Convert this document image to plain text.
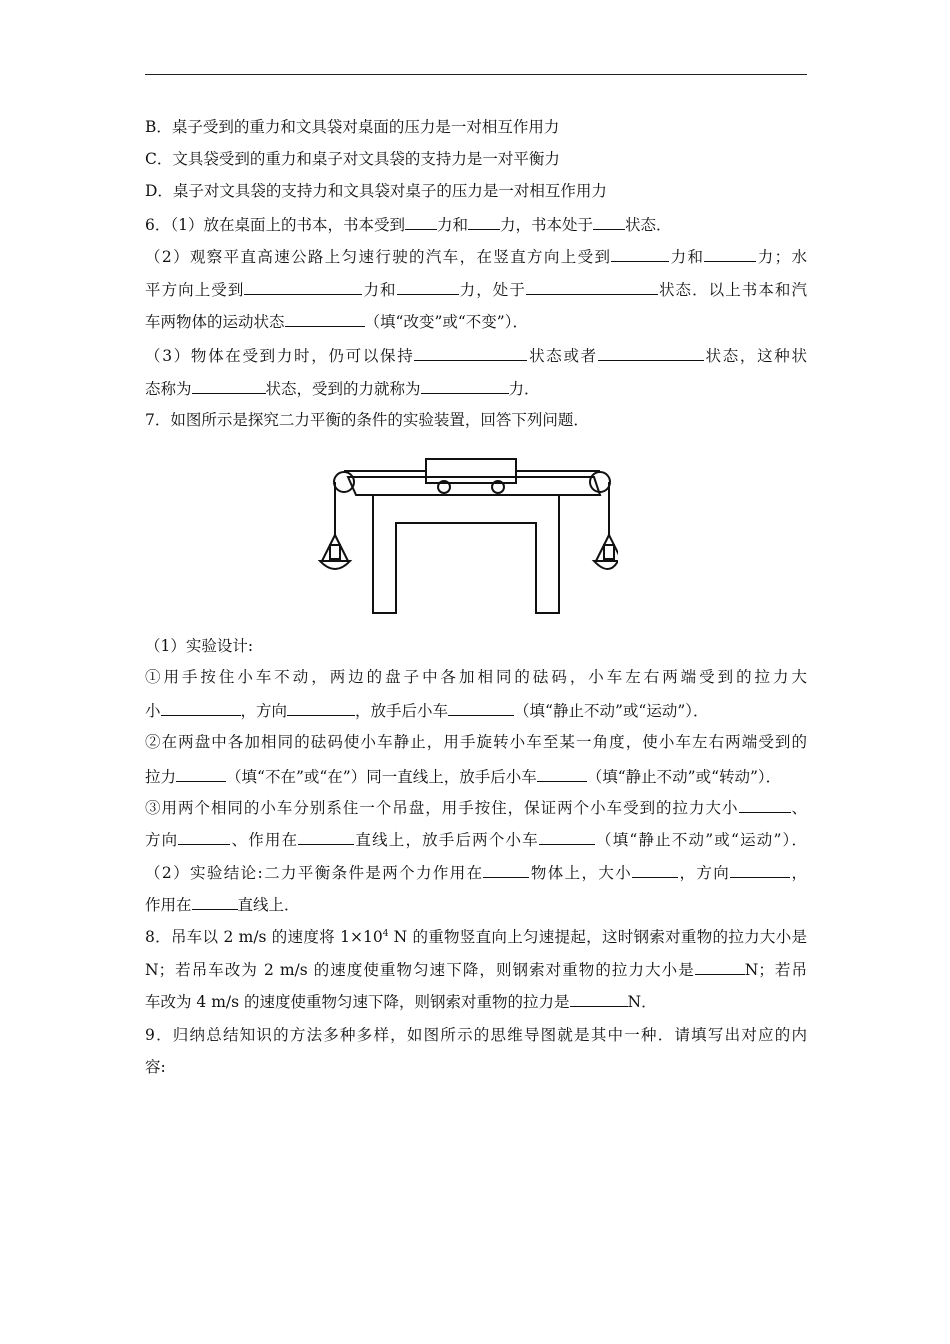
B．桌子受到的重力和文具袋对桌面的压力是一对相互作用力
C．文具袋受到的重力和桌子对文具袋的支持力是一对平衡力
D．桌子对文具袋的支持力和文具袋对桌子的压力是一对相互作用力
6．（1）放在桌面上的书本，书本受到 力和 力，书本处于 状态．
（2）观察平直高速公路上匀速行驶的汽车，在竖直方向上受到	力和	力；水
平方向上受到	力和	力，处于	状态．以上书本和汽
车两物体的运动状态	（填“改变”或“不变”）．
（3）物体在受到力时，仍可以保持	状态或者	状态，这种状
态称为	状态，受到的力就称为	力．
7．如图所示是探究二力平衡的条件的实验装置，回答下列问题．
（1）实验设计:
①用手按住小车不动，两边的盘子中各加相同的砝码，小车左右两端受到的拉力大
小	，方向	，放手后小车	（填“静止不动”或“运动”）．
②在两盘中各加相同的砝码使小车静止，用手旋转小车至某一角度，使小车左右两端受到的
拉力	（填“不在”或“在”）同一直线上，放手后小车	（填“静止不动”或“转动”）．
③用两个相同的小车分别系住一个吊盘，用手按住，保证两个小车受到的拉力大小	、
方向	、作用在	直线上，放手后两个小车	（填“静止不动”或“运动”）．
（2）实验结论:二力平衡条件是两个力作用在	物体上，大小	，方向	，
作用在	直线上．
8．吊车以 2 m/s 的速度将 $1\times 10^4$ N 的重物竖直向上匀速提起，这时钢索对重物的拉力大小是
N；若吊车改为 2 m/s 的速度使重物匀速下降，则钢索对重物的拉力大小是	N；若吊
车改为 4 m/s 的速度使重物匀速下降，则钢索对重物的拉力是	N．
9．归纳总结知识的方法多种多样，如图所示的思维导图就是其中一种．请填写出对应的内
容:
